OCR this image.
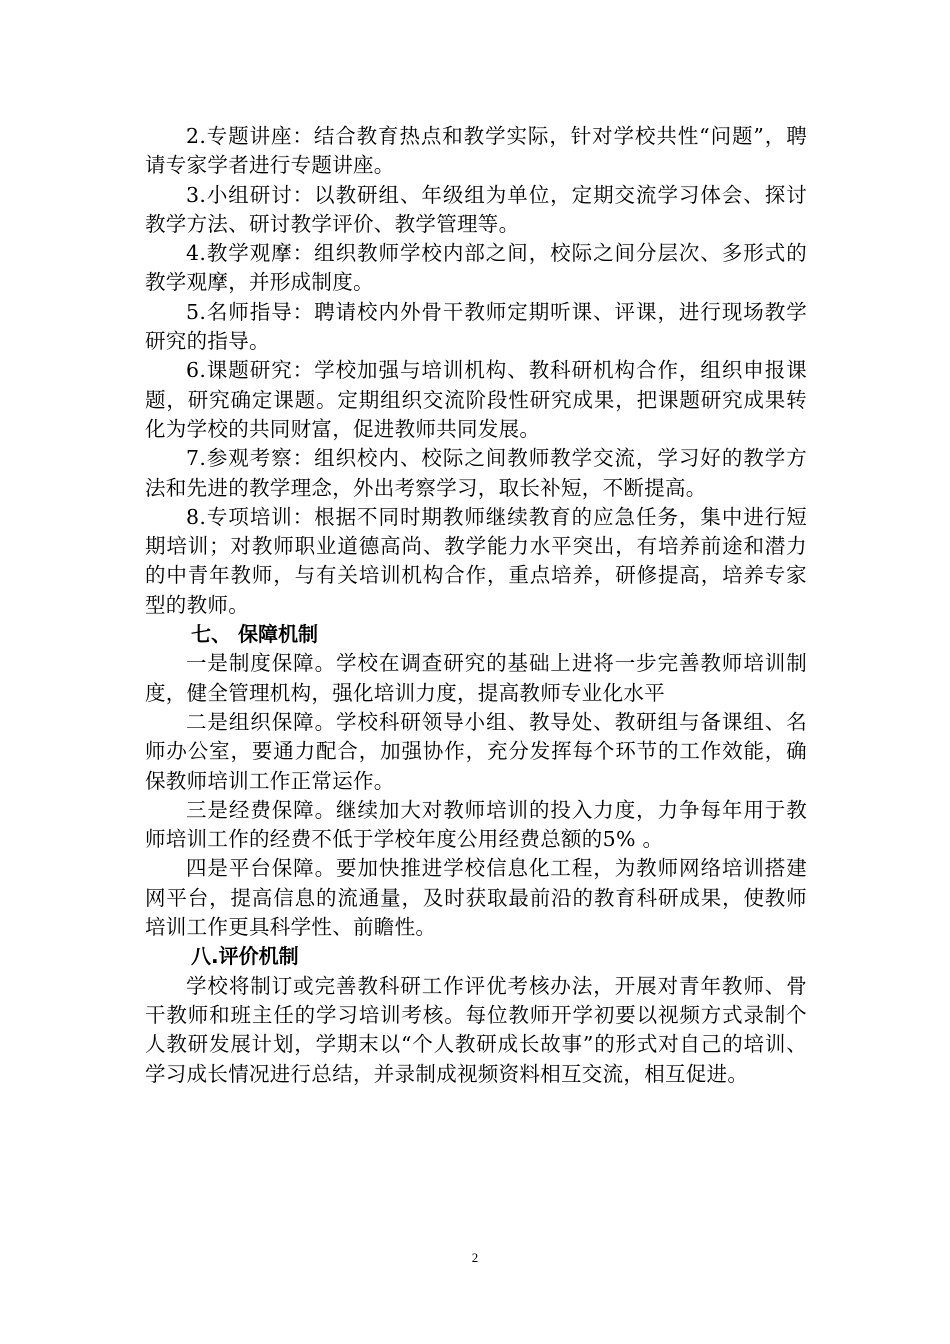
2.专题讲座：结合教育热点和教学实际，针对学校共性“问题”，聘请专家学者进行专题讲座。

3.小组研讨：以教研组、年级组为单位，定期交流学习体会、探讨教学方法、研讨教学评价、教学管理等。

4.教学观摩：组织教师学校内部之间，校际之间分层次、多形式的教学观摩，并形成制度。

5.名师指导：聘请校内外骨干教师定期听课、评课，进行现场教学研究的指导。

6.课题研究：学校加强与培训机构、教科研机构合作，组织申报课题，研究确定课题。定期组织交流阶段性研究成果，把课题研究成果转化为学校的共同财富，促进教师共同发展。

7.参观考察：组织校内、校际之间教师教学交流，学习好的教学方法和先进的教学理念，外出考察学习，取长补短，不断提高。

8.专项培训：根据不同时期教师继续教育的应急任务，集中进行短期培训；对教师职业道德高尚、教学能力水平突出，有培养前途和潜力的中青年教师，与有关培训机构合作，重点培养，研修提高，培养专家型的教师。

七、 保障机制

一是制度保障。学校在调查研究的基础上进将一步完善教师培训制度，健全管理机构，强化培训力度，提高教师专业化水平

二是组织保障。学校科研领导小组、教导处、教研组与备课组、名师办公室，要通力配合，加强协作，充分发挥每个环节的工作效能，确保教师培训工作正常运作。

三是经费保障。继续加大对教师培训的投入力度，力争每年用于教师培训工作的经费不低于学校年度公用经费总额的5% 。

四是平台保障。要加快推进学校信息化工程，为教师网络培训搭建网平台，提高信息的流通量，及时获取最前沿的教育科研成果，使教师培训工作更具科学性、前瞻性。

八.评价机制

学校将制订或完善教科研工作评优考核办法，开展对青年教师、骨干教师和班主任的学习培训考核。每位教师开学初要以视频方式录制个人教研发展计划，学期末以“个人教研成长故事”的形式对自己的培训、学习成长情况进行总结，并录制成视频资料相互交流，相互促进。

2
